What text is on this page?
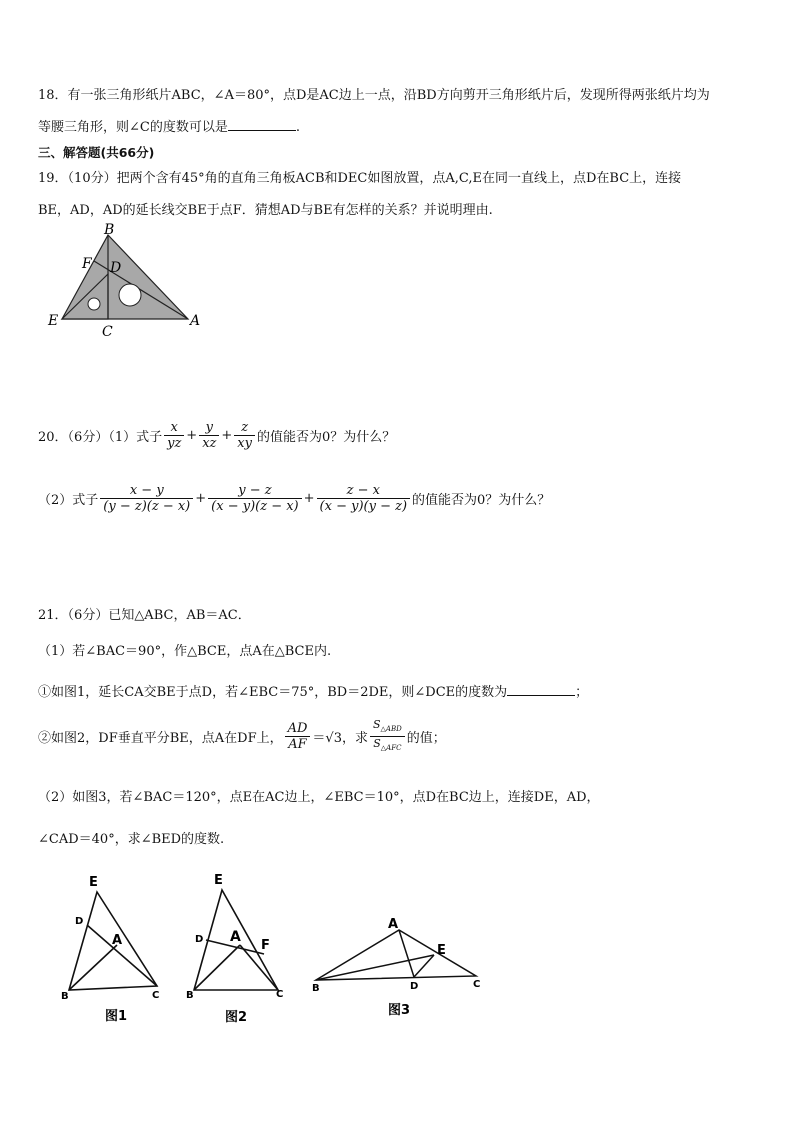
18．有一张三角形纸片ABC，∠A＝80°，点D是AC边上一点，沿BD方向剪开三角形纸片后，发现所得两张纸片均为
等腰三角形，则∠C的度数可以是	.
三、解答题(共66分)
19．（10分）把两个含有45°角的直角三角板ACB和DEC如图放置，点A,C,E在同一直线上，点D在BC上，连接
BE，AD，AD的延长线交BE于点F．猜想AD与BE有怎样的关系？并说明理由.
B
F D
E
C
A
20．（6分）（1）式子 $\frac{x}{yz} + \frac{y}{xz} + \frac{z}{xy}$ 的值能否为0？为什么？
（2）式子 $\frac{x - y}{(y - z)(z - x)} + \frac{y - z}{(x - y)(z - x)} + \frac{z - x}{(x - y)(y - z)}$ 的值能否为0？为什么？
21．（6分）已知△ABC，AB＝AC．
（1）若∠BAC＝90°，作△BCE，点A在△BCE内.
①如图1，延长CA交BE于点D，若∠EBC＝75°，BD＝2DE，则∠DCE的度数为	；
②如图2，DF垂直平分BE，点A在DF上， $\frac{AD}{AF} =√3$，求 $\frac{S_{\triangle ABD}}{S_{\triangle AFC}}$ 的值；
（2）如图3，若∠BAC＝120°，点E在AC边上，∠EBC＝10°，点D在BC边上，连接DE，AD，
∠CAD＝40°，求∠BED的度数.
E
D
A
B	C
图1
E
D A
F
B	C
图2
A
E
B	D	C
图3
